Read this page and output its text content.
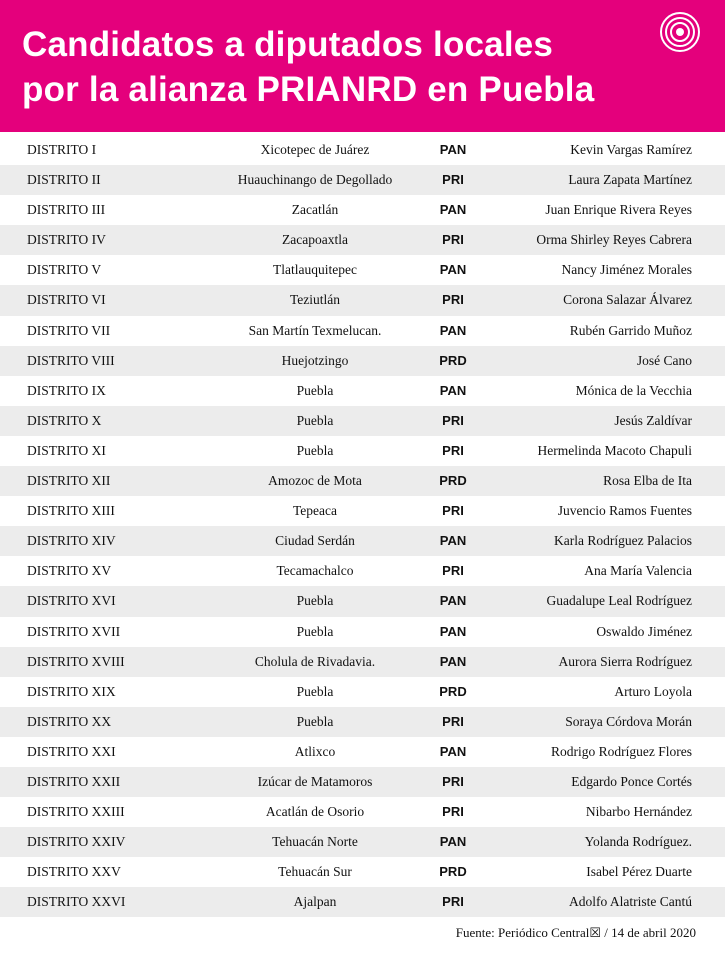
Candidatos a diputados locales
por la alianza PRIANRD en Puebla
DISTRITO I	Xicotepec de Juárez	PAN	Kevin Vargas Ramírez
DISTRITO II	Huauchinango de Degollado	PRI	Laura Zapata Martínez
DISTRITO III	Zacatlán	PAN	Juan Enrique Rivera Reyes
DISTRITO IV	Zacapoaxtla	PRI	Orma Shirley Reyes Cabrera
DISTRITO V	Tlatlauquitepec	PAN	Nancy Jiménez Morales
DISTRITO VI	Teziutlán	PRI	Corona Salazar Álvarez
DISTRITO VII	San Martín Texmelucan.	PAN	Rubén Garrido Muñoz
DISTRITO VIII	Huejotzingo	PRD	José Cano
DISTRITO IX	Puebla	PAN	Mónica de la Vecchia
DISTRITO X	Puebla	PRI	Jesús Zaldívar
DISTRITO XI	Puebla	PRI	Hermelinda Macoto Chapuli
DISTRITO XII	Amozoc de Mota	PRD	Rosa Elba de Ita
DISTRITO XIII	Tepeaca	PRI	Juvencio Ramos Fuentes
DISTRITO XIV	Ciudad Serdán	PAN	Karla Rodríguez Palacios
DISTRITO XV	Tecamachalco	PRI	Ana María Valencia
DISTRITO XVI	Puebla	PAN	Guadalupe Leal Rodríguez
DISTRITO XVII	Puebla	PAN	Oswaldo Jiménez
DISTRITO XVIII	Cholula de Rivadavia.	PAN	Aurora Sierra Rodríguez
DISTRITO XIX	Puebla	PRD	Arturo Loyola
DISTRITO XX	Puebla	PRI	Soraya Córdova Morán
DISTRITO XXI	Atlixco	PAN	Rodrigo Rodríguez Flores
DISTRITO XXII	Izúcar de Matamoros	PRI	Edgardo Ponce Cortés
DISTRITO XXIII	Acatlán de Osorio	PRI	Nibarbo Hernández
DISTRITO XXIV	Tehuacán Norte	PAN	Yolanda Rodríguez.
DISTRITO XXV	Tehuacán Sur	PRD	Isabel Pérez Duarte
DISTRITO XXVI	Ajalpan	PRI	Adolfo Alatriste Cantú
Fuente: Periódico Central☒ / 14 de abril 2020
